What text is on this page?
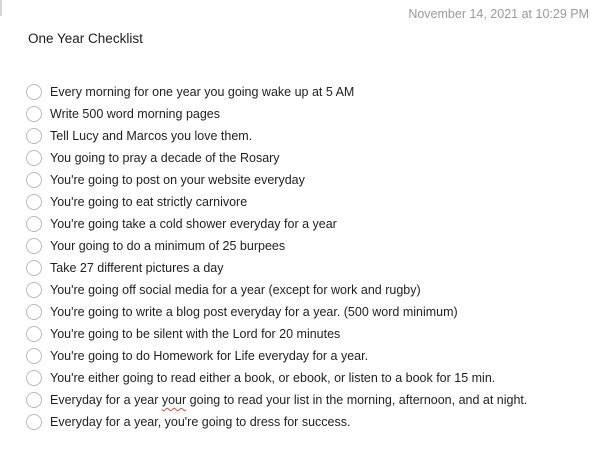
November 14, 2021 at 10:29 PM
One Year Checklist
Every morning for one year you going wake up at 5 AM
Write 500 word morning pages
Tell Lucy and Marcos you love them.
You going to pray a decade of the Rosary
You're going to post on your website everyday
You're going to eat strictly carnivore
You're going take a cold shower everyday for a year
Your going to do a minimum of 25 burpees
Take 27 different pictures a day
You're going off social media for a year (except for work and rugby)
You're going to write a blog post everyday for a year. (500 word minimum)
You're going to be silent with the Lord for 20 minutes
You're going to do Homework for Life everyday for a year.
You're either going to read either a book, or ebook, or listen to a book for 15 min.
Everyday for a year your going to read your list in the morning, afternoon, and at night.
Everyday for a year, you're going to dress for success.
